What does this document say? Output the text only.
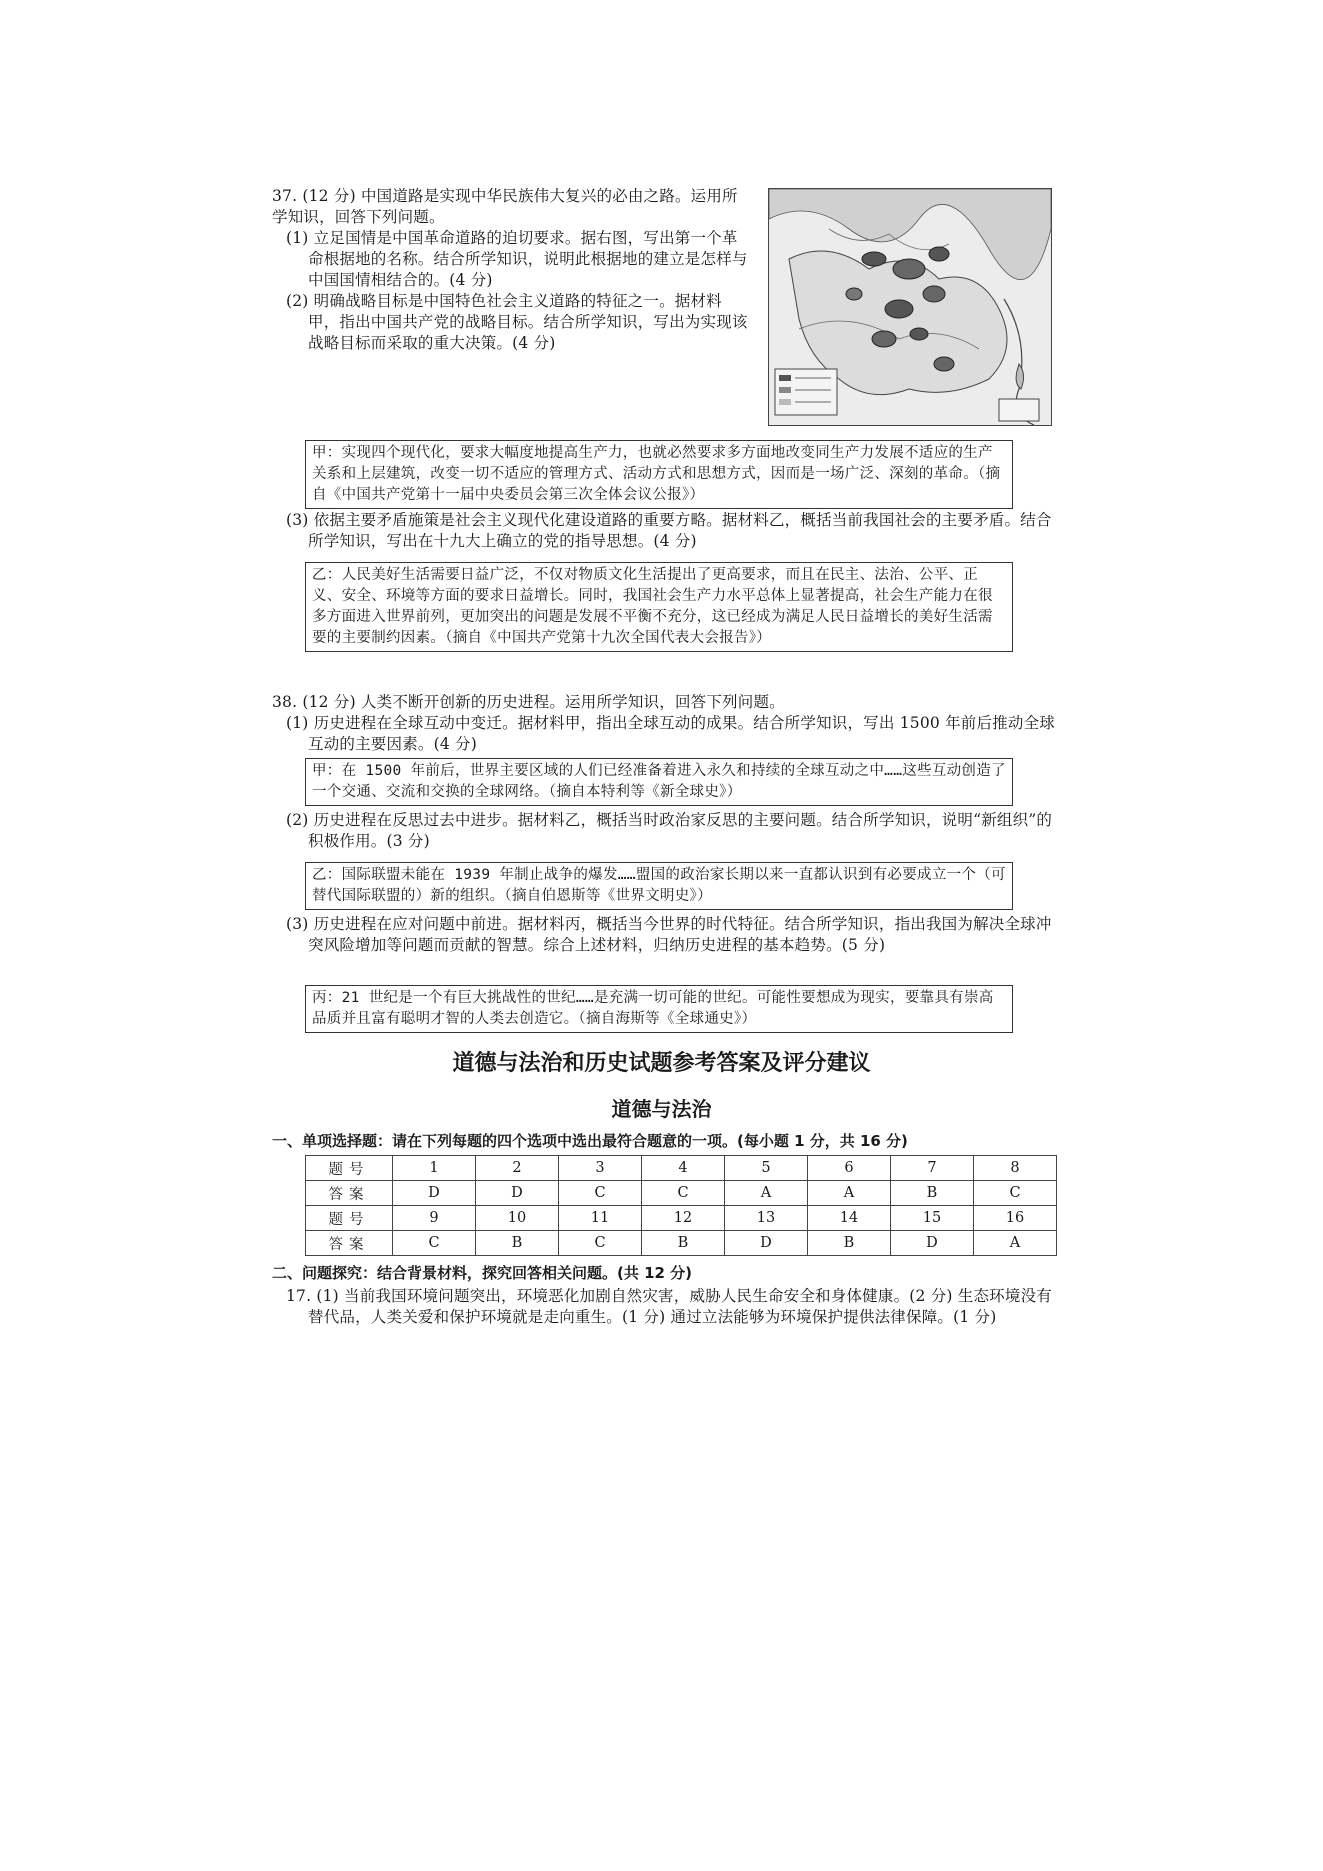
37. (12 分) 中国道路是实现中华民族伟大复兴的必由之路。运用所学知识，回答下列问题。
(1) 立足国情是中国革命道路的迫切要求。据右图，写出第一个革命根据地的名称。结合所学知识，说明此根据地的建立是怎样与中国国情相结合的。(4 分)
(2) 明确战略目标是中国特色社会主义道路的特征之一。据材料甲，指出中国共产党的战略目标。结合所学知识，写出为实现该战略目标而采取的重大决策。(4 分)
甲：实现四个现代化，要求大幅度地提高生产力，也就必然要求多方面地改变同生产力发展不适应的生产关系和上层建筑，改变一切不适应的管理方式、活动方式和思想方式，因而是一场广泛、深刻的革命。（摘自《中国共产党第十一届中央委员会第三次全体会议公报》）
(3) 依据主要矛盾施策是社会主义现代化建设道路的重要方略。据材料乙，概括当前我国社会的主要矛盾。结合所学知识，写出在十九大上确立的党的指导思想。(4 分)
乙：人民美好生活需要日益广泛，不仅对物质文化生活提出了更高要求，而且在民主、法治、公平、正义、安全、环境等方面的要求日益增长。同时，我国社会生产力水平总体上显著提高，社会生产能力在很多方面进入世界前列，更加突出的问题是发展不平衡不充分，这已经成为满足人民日益增长的美好生活需要的主要制约因素。（摘自《中国共产党第十九次全国代表大会报告》）
38. (12 分) 人类不断开创新的历史进程。运用所学知识，回答下列问题。
(1) 历史进程在全球互动中变迁。据材料甲，指出全球互动的成果。结合所学知识，写出 1500 年前后推动全球互动的主要因素。(4 分)
甲：在 1500 年前后，世界主要区域的人们已经准备着进入永久和持续的全球互动之中……这些互动创造了一个交通、交流和交换的全球网络。（摘自本特利等《新全球史》）
(2) 历史进程在反思过去中进步。据材料乙，概括当时政治家反思的主要问题。结合所学知识，说明“新组织”的积极作用。(3 分)
乙：国际联盟未能在 1939 年制止战争的爆发……盟国的政治家长期以来一直都认识到有必要成立一个（可替代国际联盟的）新的组织。（摘自伯恩斯等《世界文明史》）
(3) 历史进程在应对问题中前进。据材料丙，概括当今世界的时代特征。结合所学知识，指出我国为解决全球冲突风险增加等问题而贡献的智慧。综合上述材料，归纳历史进程的基本趋势。(5 分)
丙：21 世纪是一个有巨大挑战性的世纪……是充满一切可能的世纪。可能性要想成为现实，要靠具有崇高品质并且富有聪明才智的人类去创造它。（摘自海斯等《全球通史》）
道德与法治和历史试题参考答案及评分建议
道德与法治
一、单项选择题：请在下列每题的四个选项中选出最符合题意的一项。(每小题 1 分，共 16 分)
题号	1	2	3	4	5	6	7	8
答案	D	D	C	C	A	A	B	C
题号	9	10	11	12	13	14	15	16
答案	C	B	C	B	D	B	D	A
二、问题探究：结合背景材料，探究回答相关问题。(共 12 分)
17. (1) 当前我国环境问题突出，环境恶化加剧自然灾害，威胁人民生命安全和身体健康。(2 分) 生态环境没有替代品，人类关爱和保护环境就是走向重生。(1 分) 通过立法能够为环境保护提供法律保障。(1 分)
